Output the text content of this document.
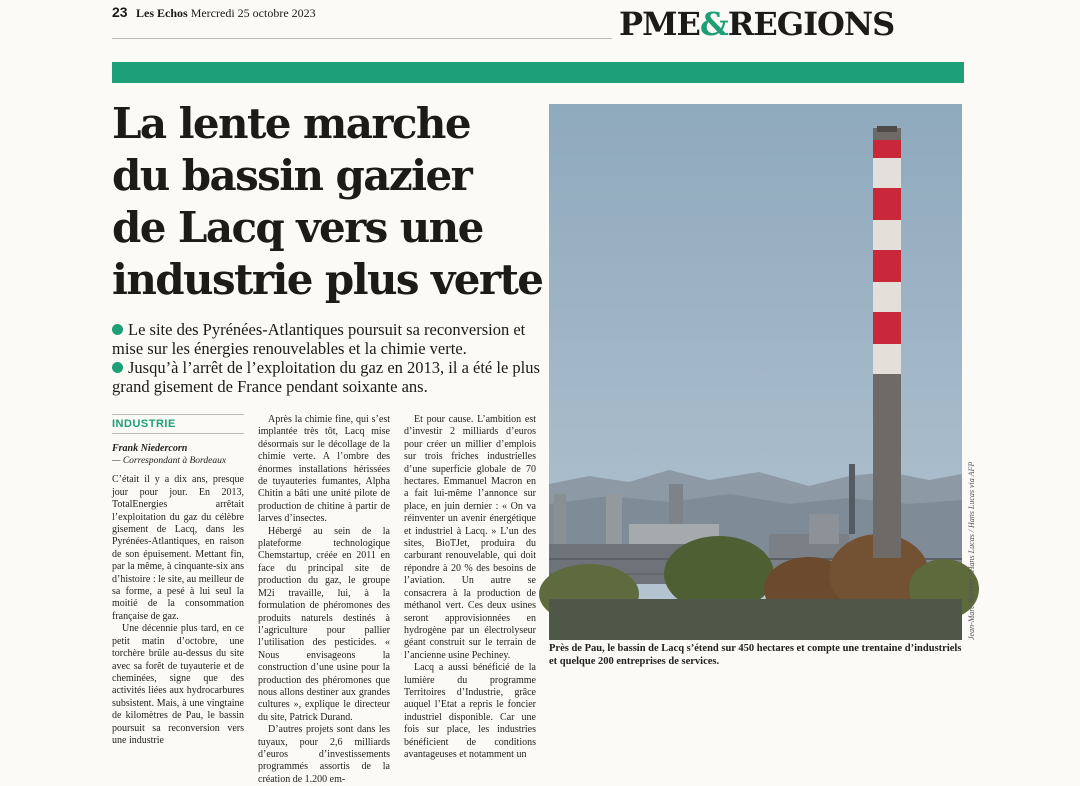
23 Les Echos Mercredi 25 octobre 2023	PME&REGIONS
La lente marche
du bassin gazier
de Lacq vers une
industrie plus verte
Le site des Pyrénées-Atlantiques poursuit sa reconversion et mise sur les énergies renouvelables et la chimie verte.
Jusqu’à l’arrêt de l’exploitation du gaz en 2013, il a été le plus grand gisement de France pendant soixante ans.
INDUSTRIE
Frank Niedercorn
— Correspondant à Bordeaux

C’était il y a dix ans, presque jour pour jour. En 2013, TotalEnergies arrêtait l’exploitation du gaz du célèbre gisement de Lacq, dans les Pyrénées-Atlantiques, en raison de son épuisement. Mettant fin, par la même, à cinquante-six ans d’histoire : le site, au meilleur de sa forme, a pesé à lui seul la moitié de la consommation française de gaz.

Une décennie plus tard, en ce petit matin d’octobre, une torchère brûle au-dessus du site avec sa forêt de tuyauterie et de cheminées, signe que des activités liées aux hydrocarbures subsistent. Mais, à une vingtaine de kilomètres de Pau, le bassin poursuit sa reconversion vers une industrie

Après la chimie fine, qui s’est implantée très tôt, Lacq mise désormais sur le décollage de la chimie verte. A l’ombre des énormes installations hérissées de tuyauteries fumantes, Alpha Chitin a bâti une unité pilote de production de chitine à partir de larves d’insectes.

Hébergé au sein de la plateforme technologique Chemstartup, créée en 2011 en face du principal site de production du gaz, le groupe M2i travaille, lui, à la formulation de phéromones des produits naturels destinés à l’agriculture pour pallier l’utilisation des pesticides. « Nous envisageons la construction d’une usine pour la production des phéromones que nous allons destiner aux grandes cultures », explique le directeur du site, Patrick Durand.

D’autres projets sont dans les tuyaux, pour 2,6 milliards d’euros d’investissements programmés assortis de la création de 1.200 em-

Et pour cause. L’ambition est d’investir 2 milliards d’euros pour créer un millier d’emplois sur trois friches industrielles d’une superficie globale de 70 hectares. Emmanuel Macron en a fait lui-même l’annonce sur place, en juin dernier : « On va réinventer un avenir énergétique et industriel à Lacq. » L’un des sites, BioTJet, produira du carburant renouvelable, qui doit répondre à 20 % des besoins de l’aviation. Un autre se consacrera à la production de méthanol vert. Ces deux usines seront approvisionnées en hydrogène par un électrolyseur géant construit sur le terrain de l’ancienne usine Pechiney.

Lacq a aussi bénéficié de la lumière du programme Territoires d’Industrie, grâce auquel l’Etat a repris le foncier industriel disponible. Car une fois sur place, les industries bénéficient de conditions avantageuses et notamment un

Jean-Marc Barrere / Hans Lucas / Hans Lucas via AFP
Près de Pau, le bassin de Lacq s’étend sur 450 hectares et compte une trentaine d’industriels et quelque 200 entreprises de services.
